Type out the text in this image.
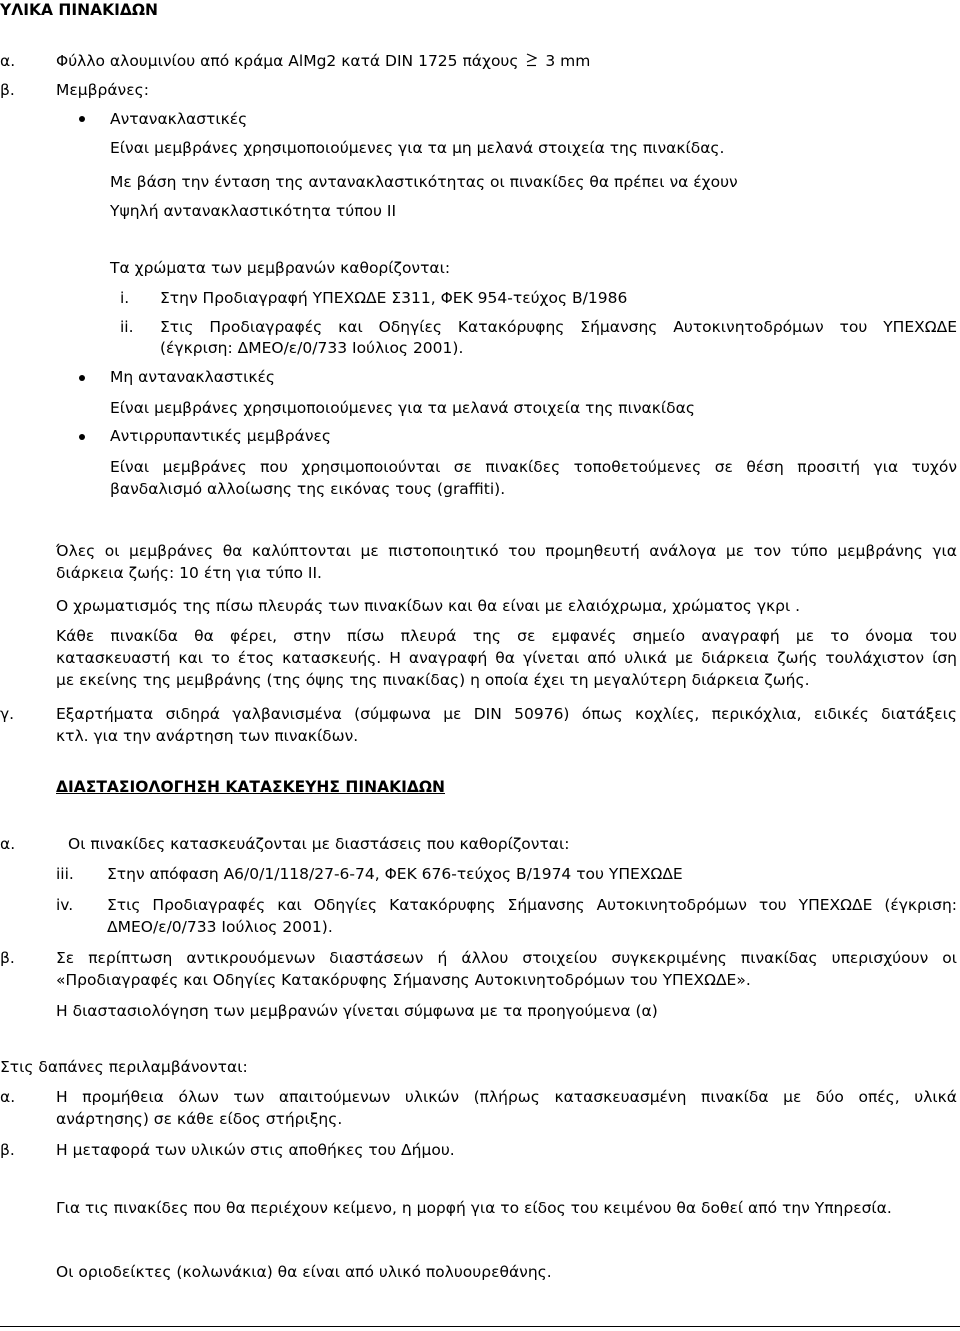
ΥΛΙΚΑ ΠΙΝΑΚΙΔΩΝ
α.	Φύλλο αλουμινίου από κράμα AlMg2 κατά DIN 1725 πάχους 3 mm
β.	Μεμβράνες:
Αντανακλαστικές
Είναι μεμβράνες χρησιμοποιούμενες για τα μη μελανά στοιχεία της πινακίδας.
Με βάση την ένταση της αντανακλαστικότητας οι πινακίδες θα πρέπει να έχουν
Υψηλή αντανακλαστικότητα τύπου ΙΙ
Τα χρώματα των μεμβρανών καθορίζονται:
i. Στην Προδιαγραφή ΥΠΕΧΩΔΕ Σ311, ΦΕΚ 954-τεύχος Β/1986
ii. Στις Προδιαγραφές και Οδηγίες Κατακόρυφης Σήμανσης Αυτοκινητοδρόμων του ΥΠΕΧΩΔΕ
(έγκριση: ΔΜΕΟ/ε/0/733 Ιούλιος 2001).
Μη αντανακλαστικές
Είναι μεμβράνες χρησιμοποιούμενες για τα μελανά στοιχεία της πινακίδας
Αντιρρυπαντικές μεμβράνες
Είναι μεμβράνες που χρησιμοποιούνται σε πινακίδες τοποθετούμενες σε θέση προσιτή για τυχόν
βανδαλισμό αλλοίωσης της εικόνας τους (graffiti).
Όλες οι μεμβράνες θα καλύπτονται με πιστοποιητικό του προμηθευτή ανάλογα με τον τύπο μεμβράνης για
διάρκεια ζωής: 10 έτη για τύπο ΙΙ.
Ο χρωματισμός της πίσω πλευράς των πινακίδων και θα είναι με ελαιόχρωμα, χρώματος γκρι .
Κάθε πινακίδα θα φέρει, στην πίσω πλευρά της σε εμφανές σημείο αναγραφή με το όνομα του
κατασκευαστή και το έτος κατασκευής. Η αναγραφή θα γίνεται από υλικά με διάρκεια ζωής τουλάχιστον ίση
με εκείνης της μεμβράνης (της όψης της πινακίδας) η οποία έχει τη μεγαλύτερη διάρκεια ζωής.
γ.	Εξαρτήματα σιδηρά γαλβανισμένα (σύμφωνα με DIN 50976) όπως κοχλίες, περικόχλια, ειδικές διατάξεις
κτλ. για την ανάρτηση των πινακίδων.
ΔΙΑΣΤΑΣΙΟΛΟΓΗΣΗ ΚΑΤΑΣΚΕΥΗΣ ΠΙΝΑΚΙΔΩΝ
α.	Οι πινακίδες κατασκευάζονται με διαστάσεις που καθορίζονται:
iii. Στην απόφαση Α6/0/1/118/27-6-74, ΦΕΚ 676-τεύχος Β/1974 του ΥΠΕΧΩΔΕ
iv. Στις Προδιαγραφές και Οδηγίες Κατακόρυφης Σήμανσης Αυτοκινητοδρόμων του ΥΠΕΧΩΔΕ (έγκριση:
ΔΜΕΟ/ε/0/733 Ιούλιος 2001).
β.	Σε περίπτωση αντικρουόμενων διαστάσεων ή άλλου στοιχείου συγκεκριμένης πινακίδας υπερισχύουν οι
«Προδιαγραφές και Οδηγίες Κατακόρυφης Σήμανσης Αυτοκινητοδρόμων του ΥΠΕΧΩΔΕ».
Η διαστασιολόγηση των μεμβρανών γίνεται σύμφωνα με τα προηγούμενα (α)
Στις δαπάνες περιλαμβάνονται:
α.	Η προμήθεια όλων των απαιτούμενων υλικών (πλήρως κατασκευασμένη πινακίδα με δύο οπές, υλικά
ανάρτησης) σε κάθε είδος στήριξης.
β.	Η μεταφορά των υλικών στις αποθήκες του Δήμου.
Για τις πινακίδες που θα περιέχουν κείμενο, η μορφή για το είδος του κειμένου θα δοθεί από την Υπηρεσία.
Οι οριοδείκτες (κολωνάκια) θα είναι από υλικό πολυουρεθάνης.
